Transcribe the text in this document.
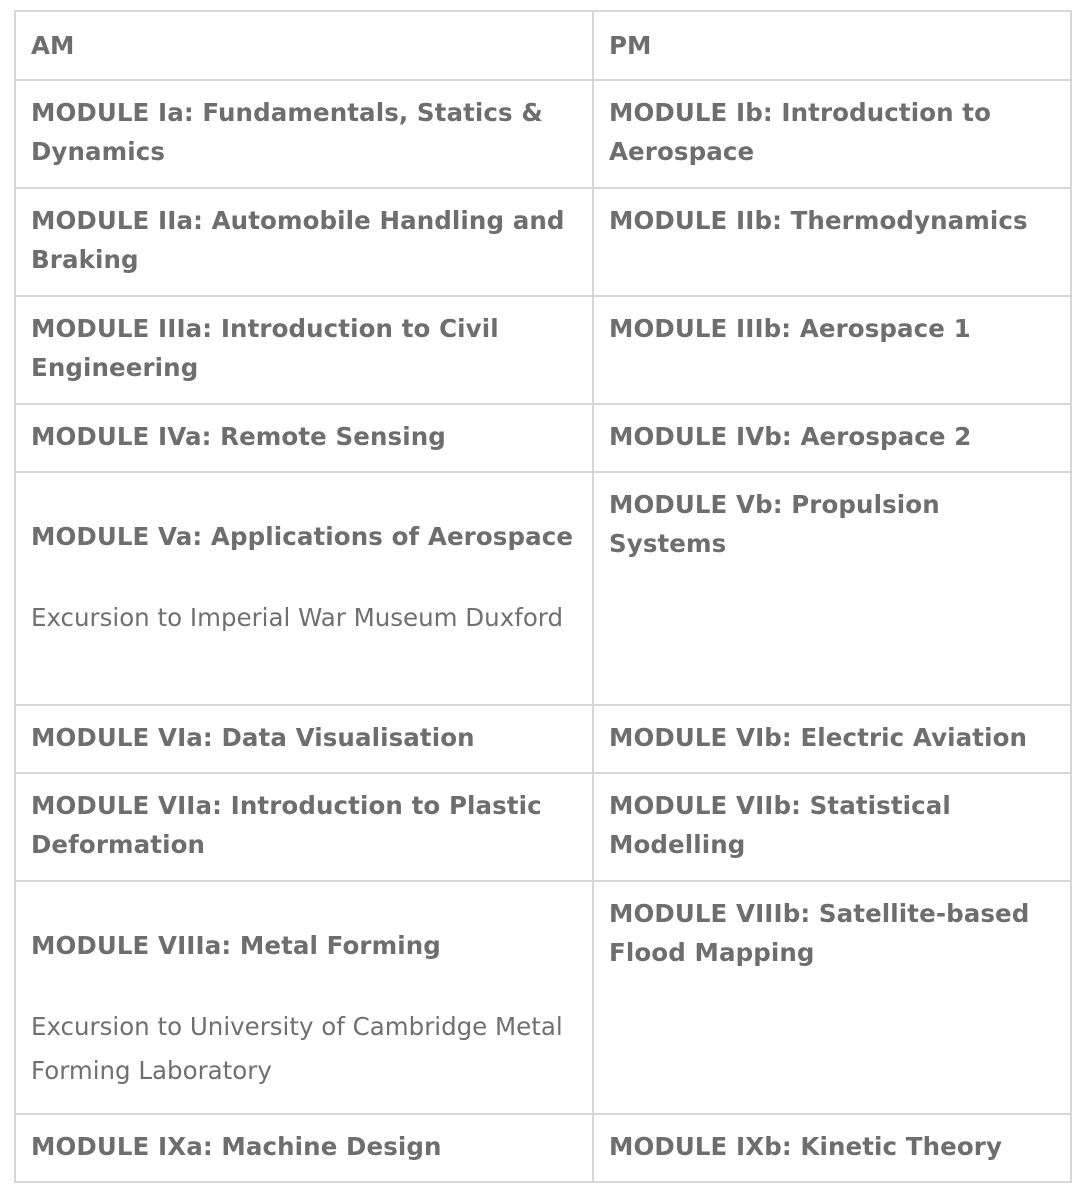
AM	PM

MODULE Ia: Fundamentals, Statics & Dynamics	MODULE Ib: Introduction to Aerospace

MODULE IIa: Automobile Handling and Braking	MODULE IIb: Thermodynamics

MODULE IIIa: Introduction to Civil Engineering	MODULE IIIb: Aerospace 1

MODULE IVa: Remote Sensing	MODULE IVb: Aerospace 2

MODULE Va: Applications of Aerospace
Excursion to Imperial War Museum Duxford	MODULE Vb: Propulsion Systems

MODULE VIa: Data Visualisation	MODULE VIb: Electric Aviation

MODULE VIIa: Introduction to Plastic Deformation	MODULE VIIb: Statistical Modelling

MODULE VIIIa: Metal Forming
Excursion to University of Cambridge Metal Forming Laboratory	MODULE VIIIb: Satellite-based Flood Mapping

MODULE IXa: Machine Design	MODULE IXb: Kinetic Theory
